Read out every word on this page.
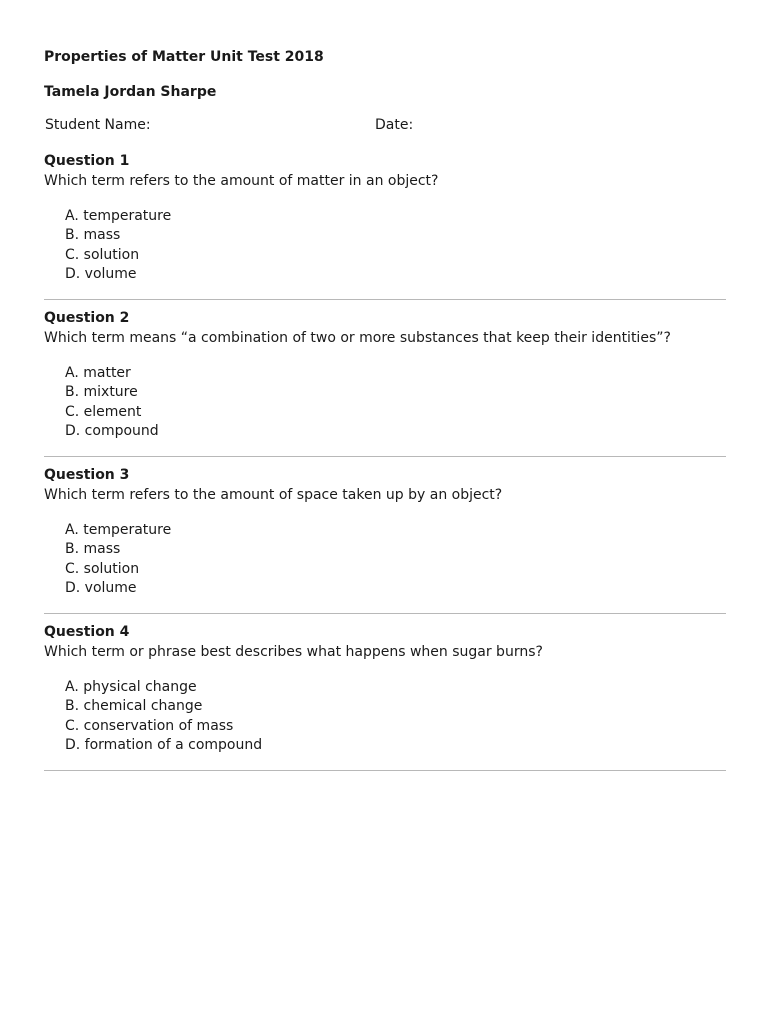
Properties of Matter Unit Test 2018
Tamela Jordan Sharpe
Student Name:	Date:
Question 1
Which term refers to the amount of matter in an object?
A. temperature
B. mass
C. solution
D. volume
Question 2
Which term means “a combination of two or more substances that keep their identities”?
A. matter
B. mixture
C. element
D. compound
Question 3
Which term refers to the amount of space taken up by an object?
A. temperature
B. mass
C. solution
D. volume
Question 4
Which term or phrase best describes what happens when sugar burns?
A. physical change
B. chemical change
C. conservation of mass
D. formation of a compound
